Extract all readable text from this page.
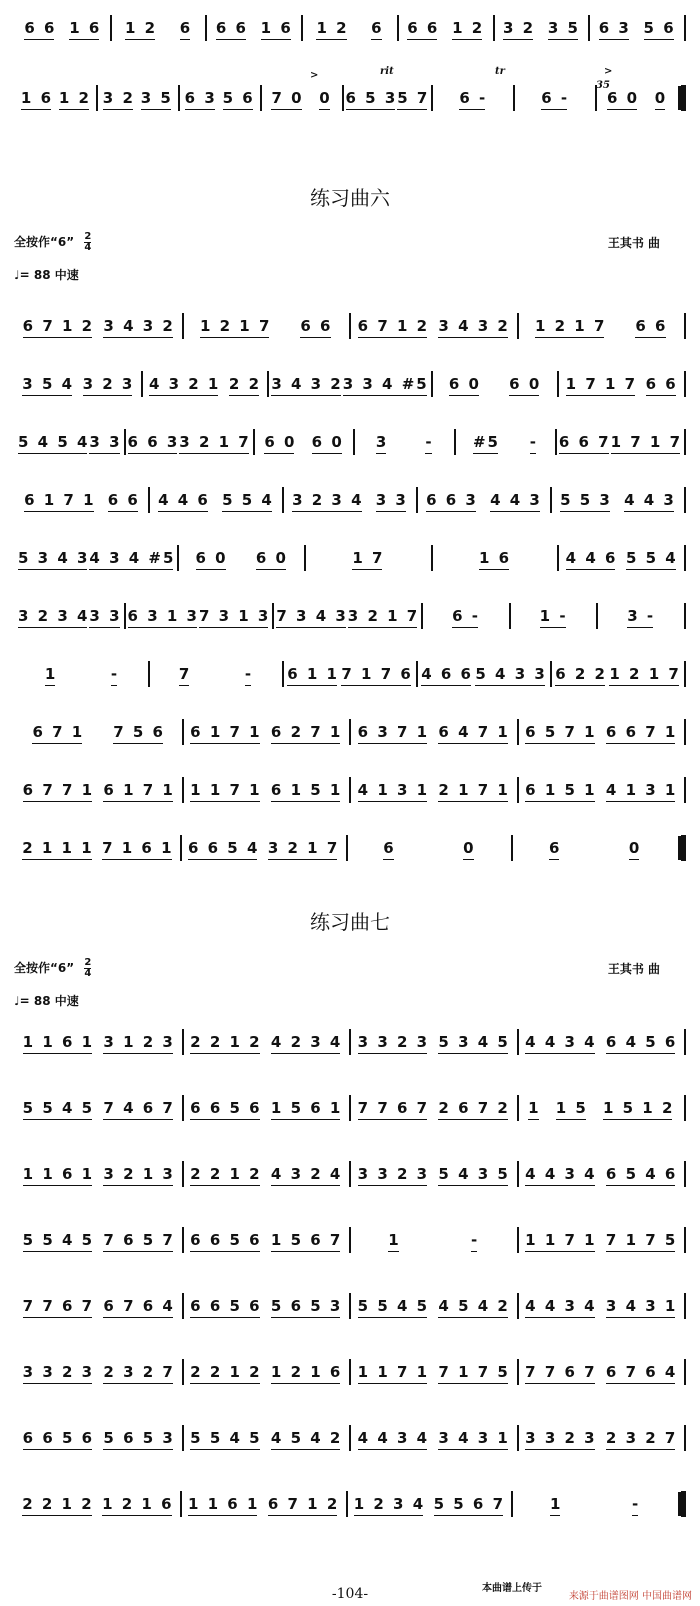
6 6 1 6 1 2 6 6 6 1 6 1 2 6 6 6 1 2 3 2 3 5 6 3 5 6
1 6 1 2 3 2 3 5 6 3 5 6 7 0 0 6 5 3 5 7 6 -	6 -	6 0 0
rit	tr
>	>
35
练习曲六
全按作“6” $\frac{2}{4}$
♩= 88 中速
王其书 曲
6 7 1 2 3 4 3 2 1 2 1 7 6 6 6 7 1 2 3 4 3 2 1 2 1 7 6 6
3 5 4 3 2 3 4 3 2 1 2 2 3 4 3 2 3 3 4 #5 6 0 6 0 1 7 1 7 6 6
5 4 5 4 3 3 6 6 3 3 2 1 7 6 0 6 0 3 -	#5 - 6 6 7 1 7 1 7
6 1 7 1 6 6 4 4 6 5 5 4 3 2 3 4 3 3 6 6 3 4 4 3 5 5 3 4 4 3
5 3 4 3 4 3 4 #5 6 0 6 0	1 7	1 6	4 4 6 5 5 4
3 2 3 4 3 3 6 3 1 3 7 3 1 3 7 3 4 3 3 2 1 7 6 -	1 -	3 -
1	-	7	- 6 1 1 7 1 7 6 4 6 6 5 4 3 3 6 2 2 1 2 1 7
6 7 1 7 5 6 6 1 7 1 6 2 7 1 6 3 7 1 6 4 7 1 6 5 7 1 6 6 7 1
6 7 7 1 6 1 7 1 1 1 7 1 6 1 5 1 4 1 3 1 2 1 7 1 6 1 5 1 4 1 3 1
2 1 1 1 7 1 6 1 6 6 5 4 3 2 1 7	6	0	6	0
练习曲七
全按作“6” $\frac{2}{4}$
♩= 88 中速
王其书 曲
1 1 6 1 3 1 2 3 2 2 1 2 4 2 3 4 3 3 2 3 5 3 4 5 4 4 3 4 6 4 5 6
5 5 4 5 7 4 6 7 6 6 5 6 1 5 6 1 7 7 6 7 2 6 7 2 1 1 5 1 5 1 2
1 1 6 1 3 2 1 3 2 2 1 2 4 3 2 4 3 3 2 3 5 4 3 5 4 4 3 4 6 5 4 6
5 5 4 5 7 6 5 7 6 6 5 6 1 5 6 7	1	-	1 1 7 1 7 1 7 5
7 7 6 7 6 7 6 4 6 6 5 6 5 6 5 3 5 5 4 5 4 5 4 2 4 4 3 4 3 4 3 1
3 3 2 3 2 3 2 7 2 2 1 2 1 2 1 6 1 1 7 1 7 1 7 5 7 7 6 7 6 7 6 4
6 6 5 6 5 6 5 3 5 5 4 5 4 5 4 2 4 4 3 4 3 4 3 1 3 3 2 3 2 3 2 7
2 2 1 2 1 2 1 6 1 1 6 1 6 7 1 2 1 2 3 4 5 5 6 7	1	-
-104-	本曲谱上传于
来源于曲谱图网 中国曲谱网
